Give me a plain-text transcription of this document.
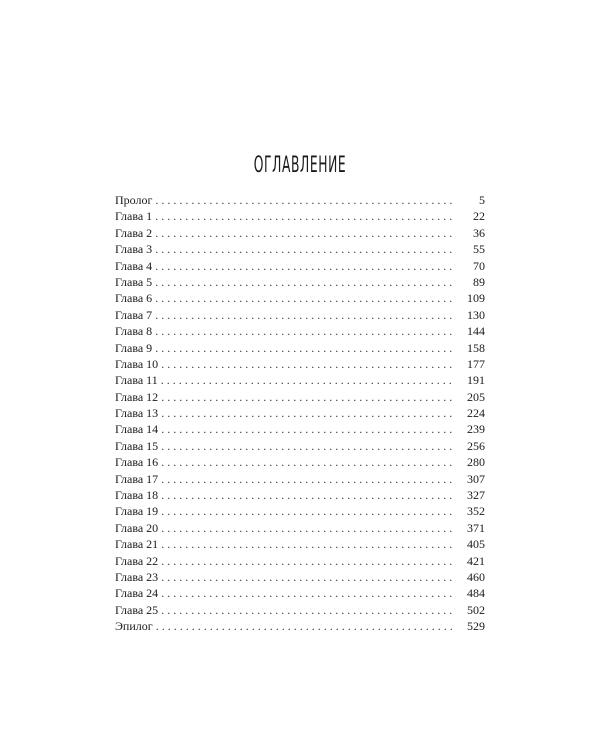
ОГЛАВЛЕНИЕ
Пролог . . .	5
Глава 1 . . .	22
Глава 2 . . .	36
Глава 3 . . .	55
Глава 4 . . .	70
Глава 5 . . .	89
Глава 6 . . .	109
Глава 7 . . .	130
Глава 8 . . .	144
Глава 9 . . .	158
Глава 10 . . .	177
Глава 11 . . .	191
Глава 12 . . .	205
Глава 13 . . .	224
Глава 14 . . .	239
Глава 15 . . .	256
Глава 16 . . .	280
Глава 17 . . .	307
Глава 18 . . .	327
Глава 19 . . .	352
Глава 20 . . .	371
Глава 21 . . .	405
Глава 22 . . .	421
Глава 23 . . .	460
Глава 24 . . .	484
Глава 25 . . .	502
Эпилог . . .	529
